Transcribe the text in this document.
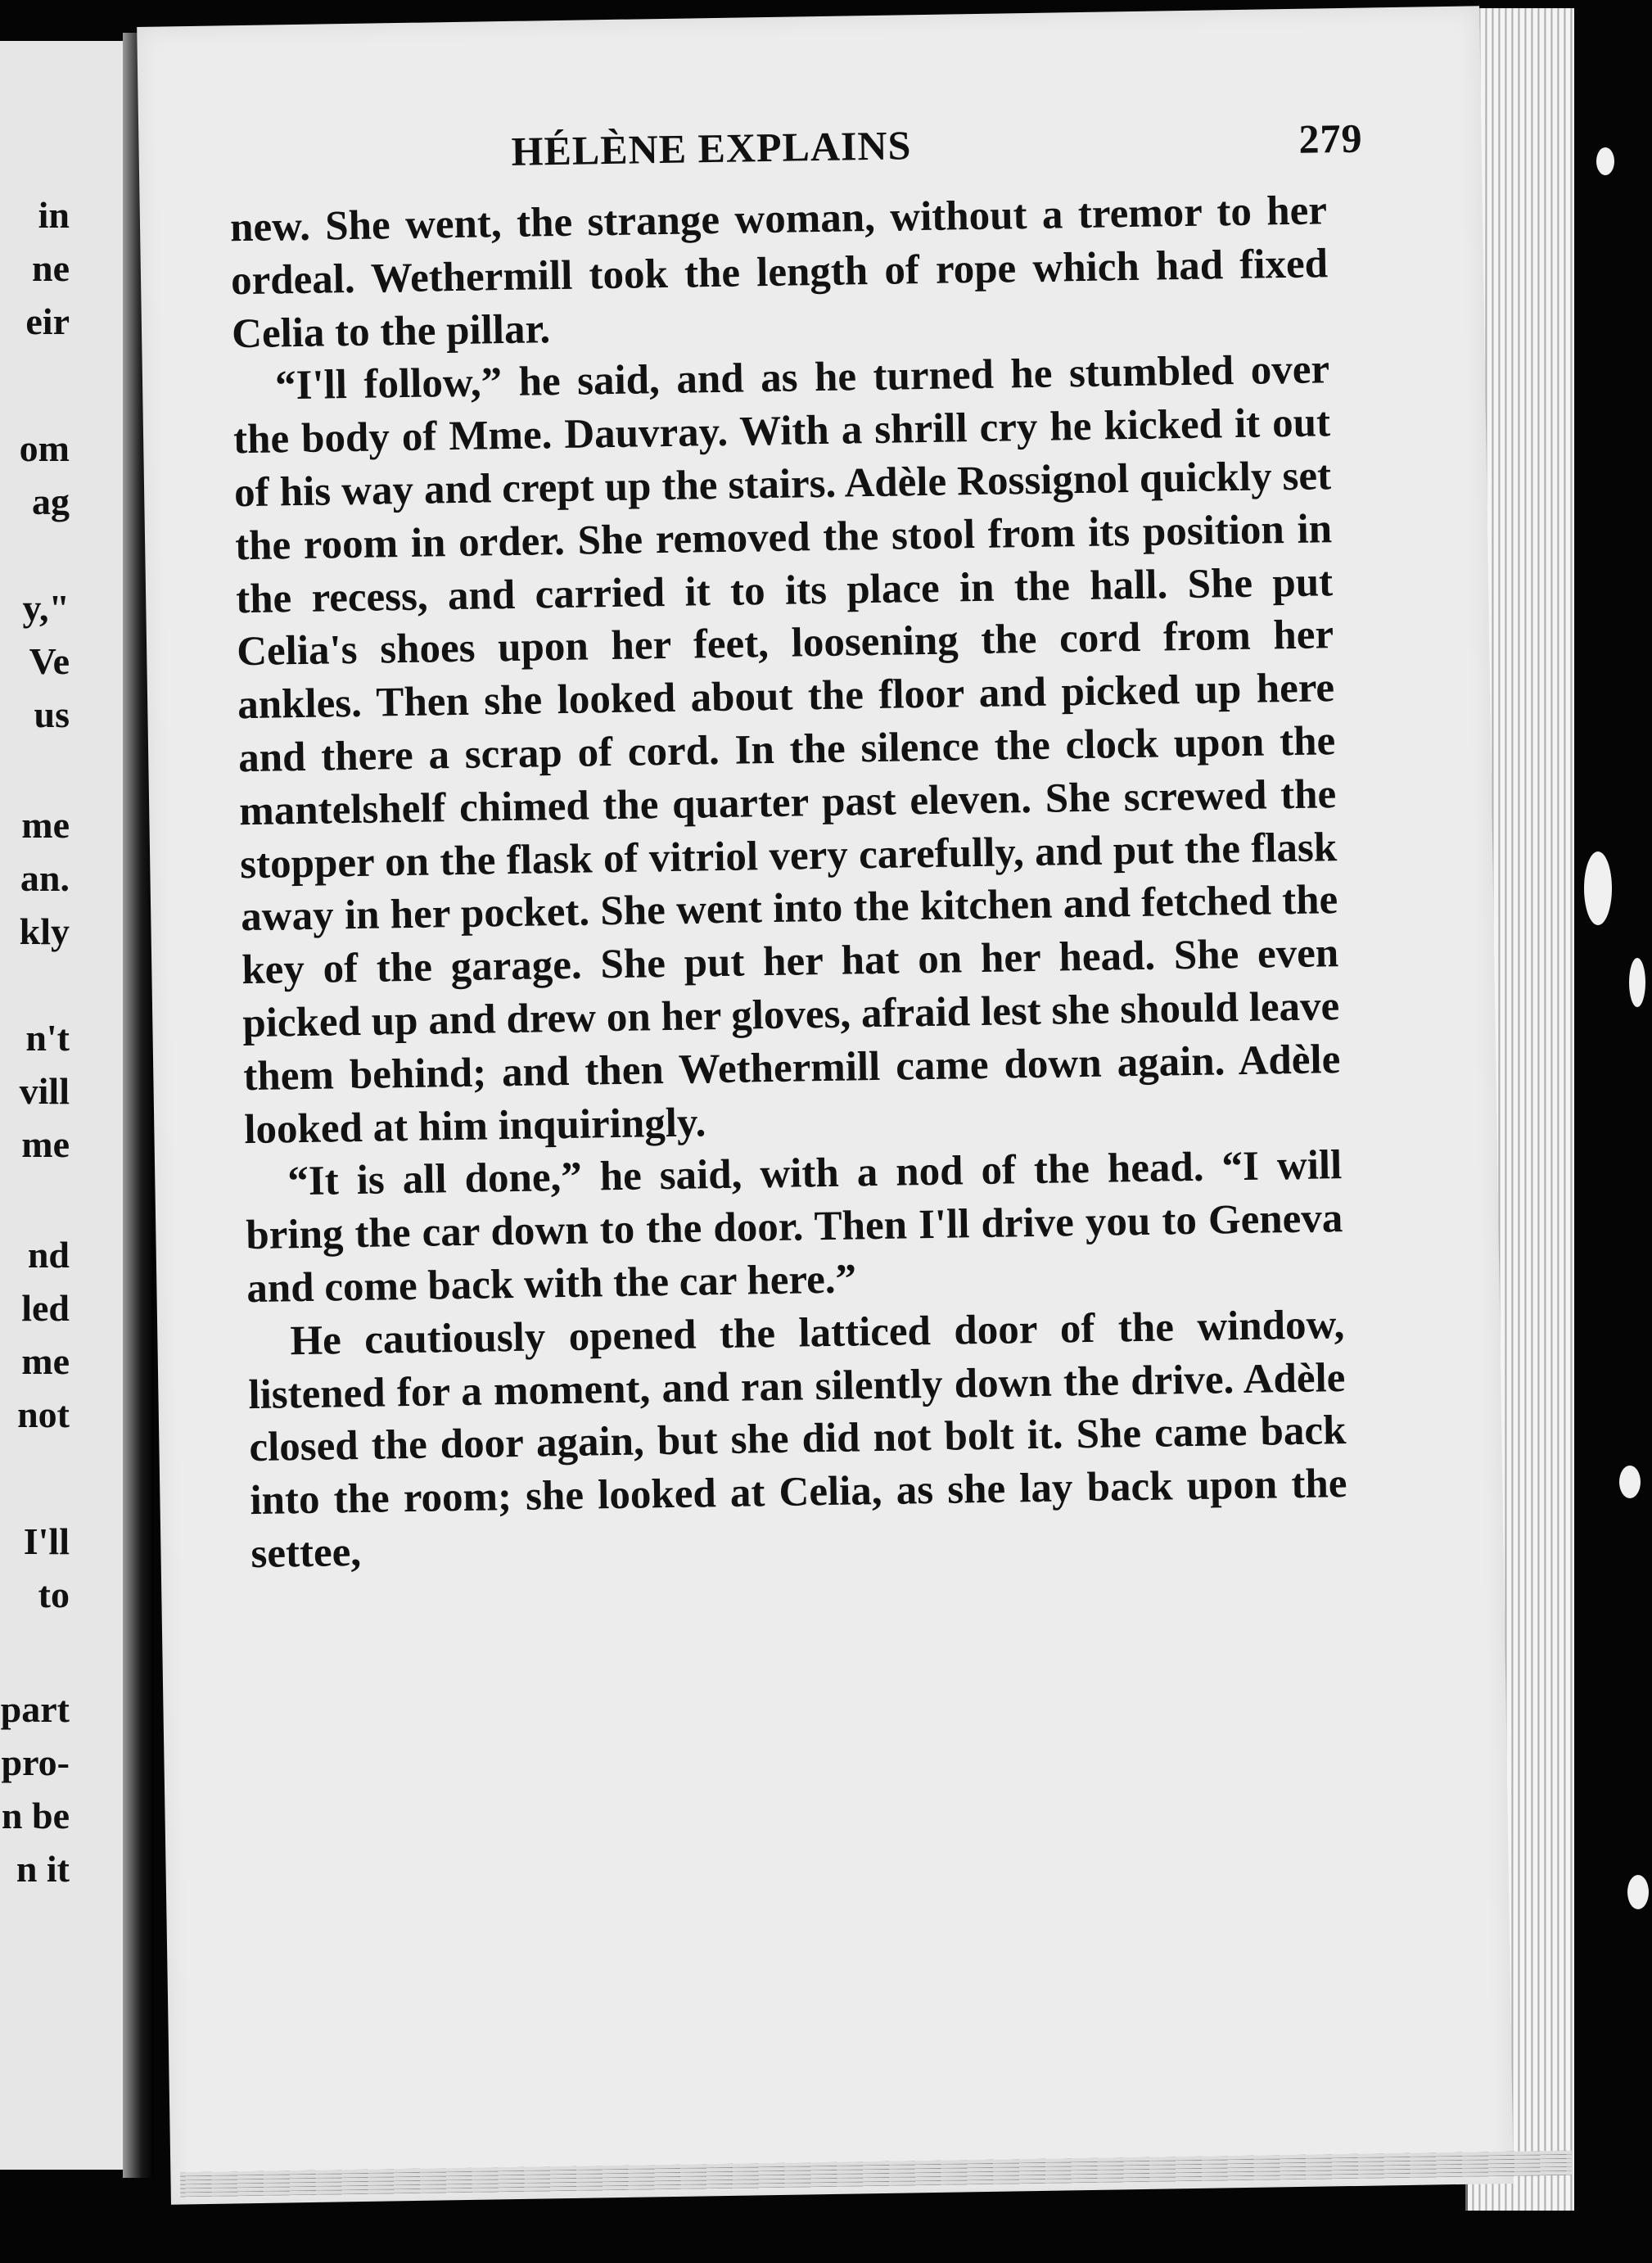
in
ne
eir
om
ag
y,"
Ve
us
me
an.
kly
n't
vill
me
nd
led
me
not
I'll
to
part
pro-
n be
n it
HÉLÈNE EXPLAINS	279

new. She went, the strange woman, without a tremor to her ordeal. Wethermill took the length of rope which had fixed Celia to the pillar.

“I'll follow,” he said, and as he turned he stumbled over the body of Mme. Dauvray. With a shrill cry he kicked it out of his way and crept up the stairs. Adèle Rossignol quickly set the room in order. She removed the stool from its position in the recess, and carried it to its place in the hall. She put Celia's shoes upon her feet, loosening the cord from her ankles. Then she looked about the floor and picked up here and there a scrap of cord. In the silence the clock upon the mantelshelf chimed the quarter past eleven. She screwed the stopper on the flask of vitriol very carefully, and put the flask away in her pocket. She went into the kitchen and fetched the key of the garage. She put her hat on her head. She even picked up and drew on her gloves, afraid lest she should leave them behind; and then Wethermill came down again. Adèle looked at him inquiringly.

“It is all done,” he said, with a nod of the head. “I will bring the car down to the door. Then I'll drive you to Geneva and come back with the car here.”

He cautiously opened the latticed door of the window, listened for a moment, and ran silently down the drive. Adèle closed the door again, but she did not bolt it. She came back into the room; she looked at Celia, as she lay back upon the settee,
